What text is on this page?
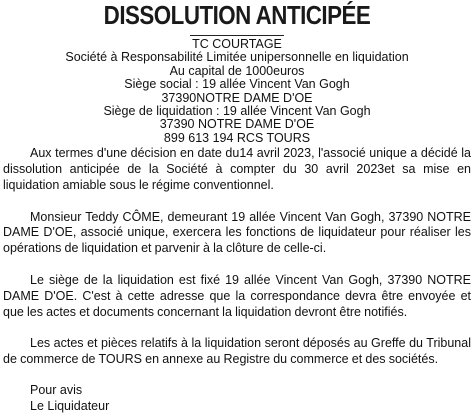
DISSOLUTION ANTICIPÉE
TC COURTAGE
Société à Responsabilité Limitée unipersonnelle en liquidation
Au capital de 1000euros
Siège social : 19 allée Vincent Van Gogh
37390NOTRE DAME D'OE
Siège de liquidation : 19 allée Vincent Van Gogh
37390 NOTRE DAME D'OE
899 613 194 RCS TOURS

Aux termes d'une décision en date du14 avril 2023, l'associé unique a décidé la dissolution anticipée de la Société à compter du 30 avril 2023et sa mise en liquidation amiable sous le régime conventionnel.

Monsieur Teddy CÔME, demeurant 19 allée Vincent Van Gogh, 37390 NOTRE DAME D'OE, associé unique, exercera les fonctions de liquidateur pour réaliser les opérations de liquidation et parvenir à la clôture de celle-ci.

Le siège de la liquidation est fixé 19 allée Vincent Van Gogh, 37390 NOTRE DAME D'OE. C'est à cette adresse que la correspondance devra être envoyée et que les actes et documents concernant la liquidation devront être notifiés.

Les actes et pièces relatifs à la liquidation seront déposés au Greffe du Tribunal de commerce de TOURS en annexe au Registre du commerce et des sociétés.

Pour avis
Le Liquidateur
